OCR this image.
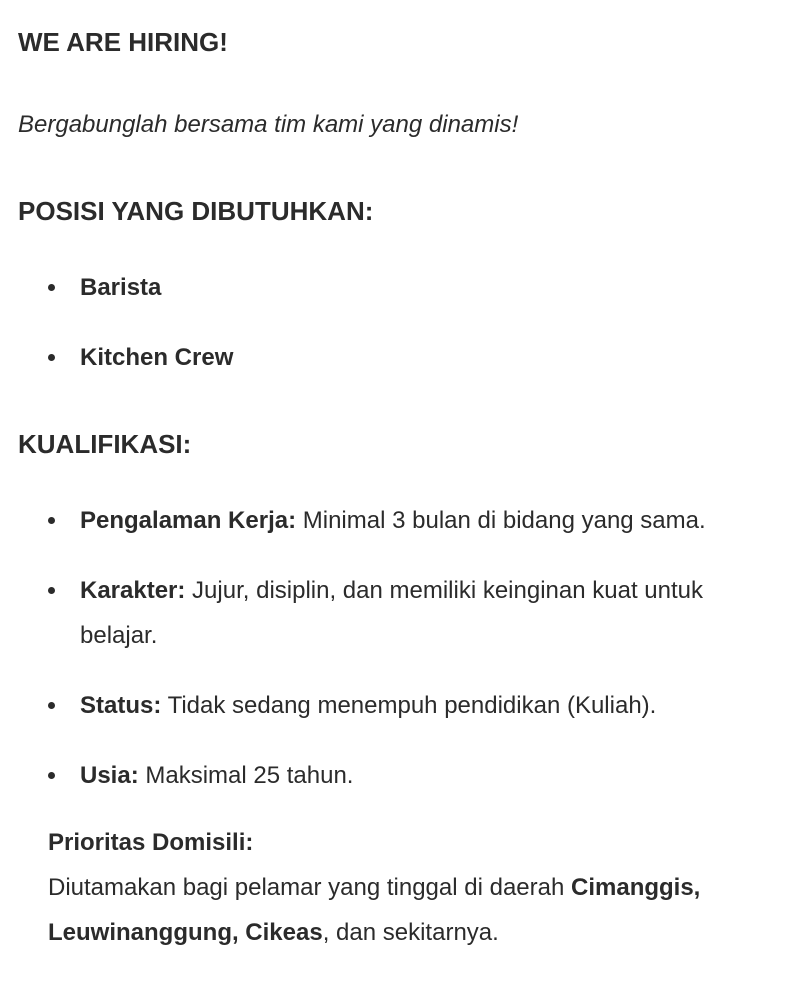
WE ARE HIRING!

Bergabunglah bersama tim kami yang dinamis!

POSISI YANG DIBUTUHKAN:
Barista
Kitchen Crew
KUALIFIKASI:
Pengalaman Kerja: Minimal 3 bulan di bidang yang sama.
Karakter: Jujur, disiplin, dan memiliki keinginan kuat untuk belajar.
Status: Tidak sedang menempuh pendidikan (Kuliah).
Usia: Maksimal 25 tahun.

Prioritas Domisili:

Diutamakan bagi pelamar yang tinggal di daerah Cimanggis, Leuwinanggung, Cikeas, dan sekitarnya.
